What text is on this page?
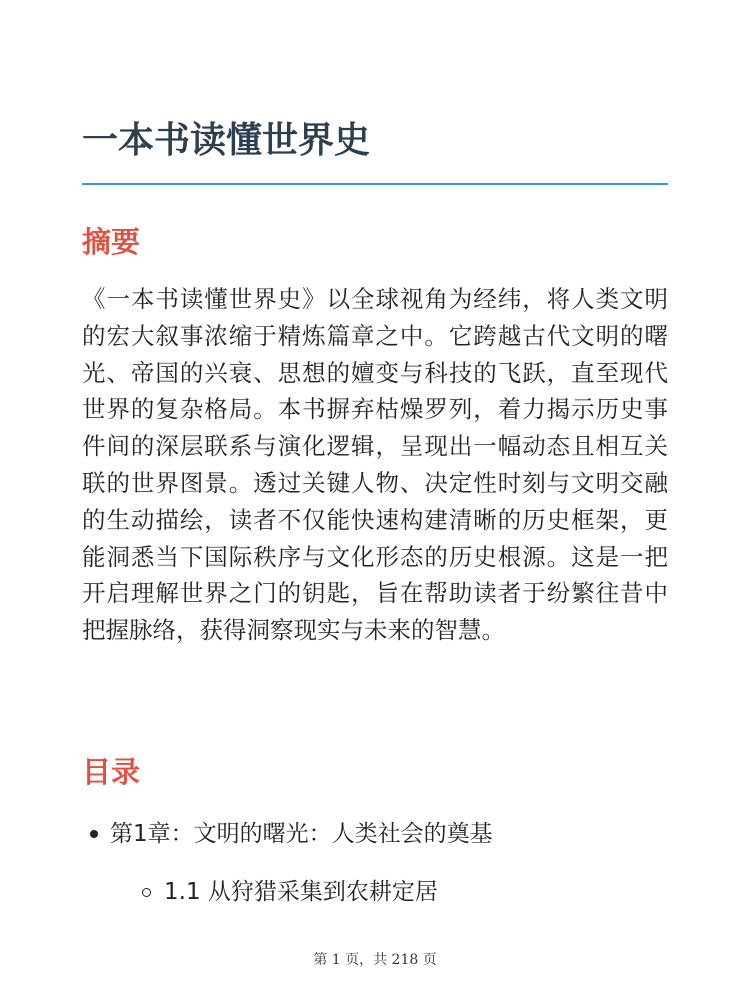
一本书读懂世界史
摘要

《一本书读懂世界史》以全球视角为经纬，将人类文明的宏大叙事浓缩于精炼篇章之中。它跨越古代文明的曙光、帝国的兴衰、思想的嬗变与科技的飞跃，直至现代世界的复杂格局。本书摒弃枯燥罗列，着力揭示历史事件间的深层联系与演化逻辑，呈现出一幅动态且相互关联的世界图景。透过关键人物、决定性时刻与文明交融的生动描绘，读者不仅能快速构建清晰的历史框架，更能洞悉当下国际秩序与文化形态的历史根源。这是一把开启理解世界之门的钥匙，旨在帮助读者于纷繁往昔中把握脉络，获得洞察现实与未来的智慧。

目录
第1章：文明的曙光：人类社会的奠基
1.1 从狩猎采集到农耕定居
第 1 页，共 218 页
